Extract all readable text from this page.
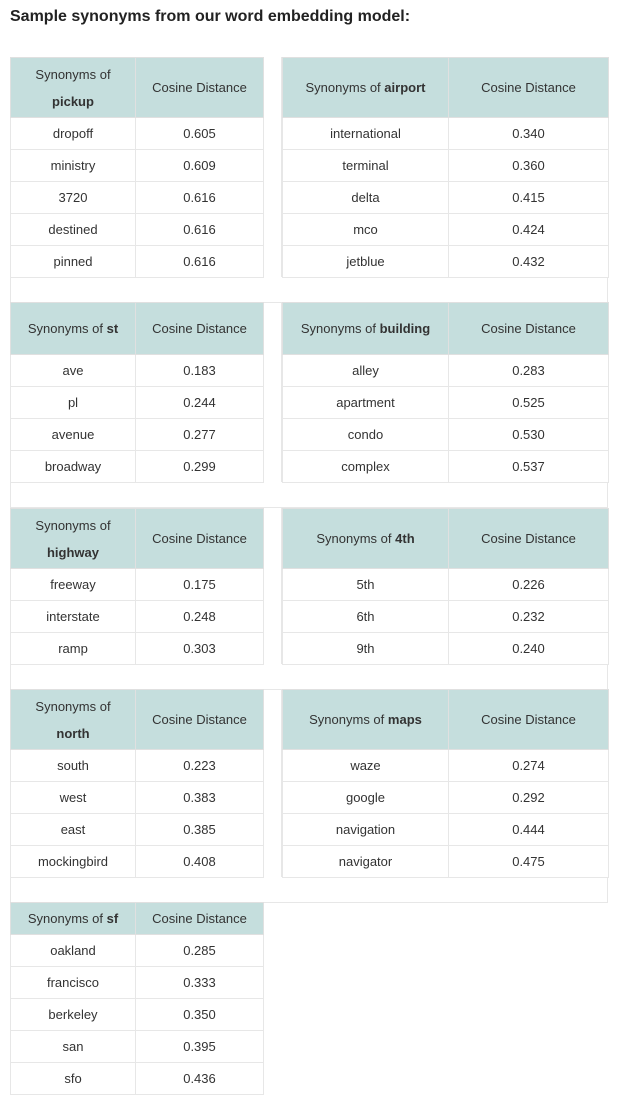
Sample synonyms from our word embedding model:
Synonyms of
pickup	Cosine Distance
dropoff	0.605
ministry	0.609
3720	0.616
destined	0.616
pinned	0.616
Synonyms of airport	Cosine Distance
international	0.340
terminal	0.360
delta	0.415
mco	0.424
jetblue	0.432
Synonyms of st	Cosine Distance
ave	0.183
pl	0.244
avenue	0.277
broadway	0.299
Synonyms of building	Cosine Distance
alley	0.283
apartment	0.525
condo	0.530
complex	0.537
Synonyms of
highway	Cosine Distance
freeway	0.175
interstate	0.248
ramp	0.303
Synonyms of 4th	Cosine Distance
5th	0.226
6th	0.232
9th	0.240
Synonyms of
north	Cosine Distance
south	0.223
west	0.383
east	0.385
mockingbird	0.408
Synonyms of maps	Cosine Distance
waze	0.274
google	0.292
navigation	0.444
navigator	0.475
Synonyms of sf	Cosine Distance
oakland	0.285
francisco	0.333
berkeley	0.350
san	0.395
sfo	0.436
